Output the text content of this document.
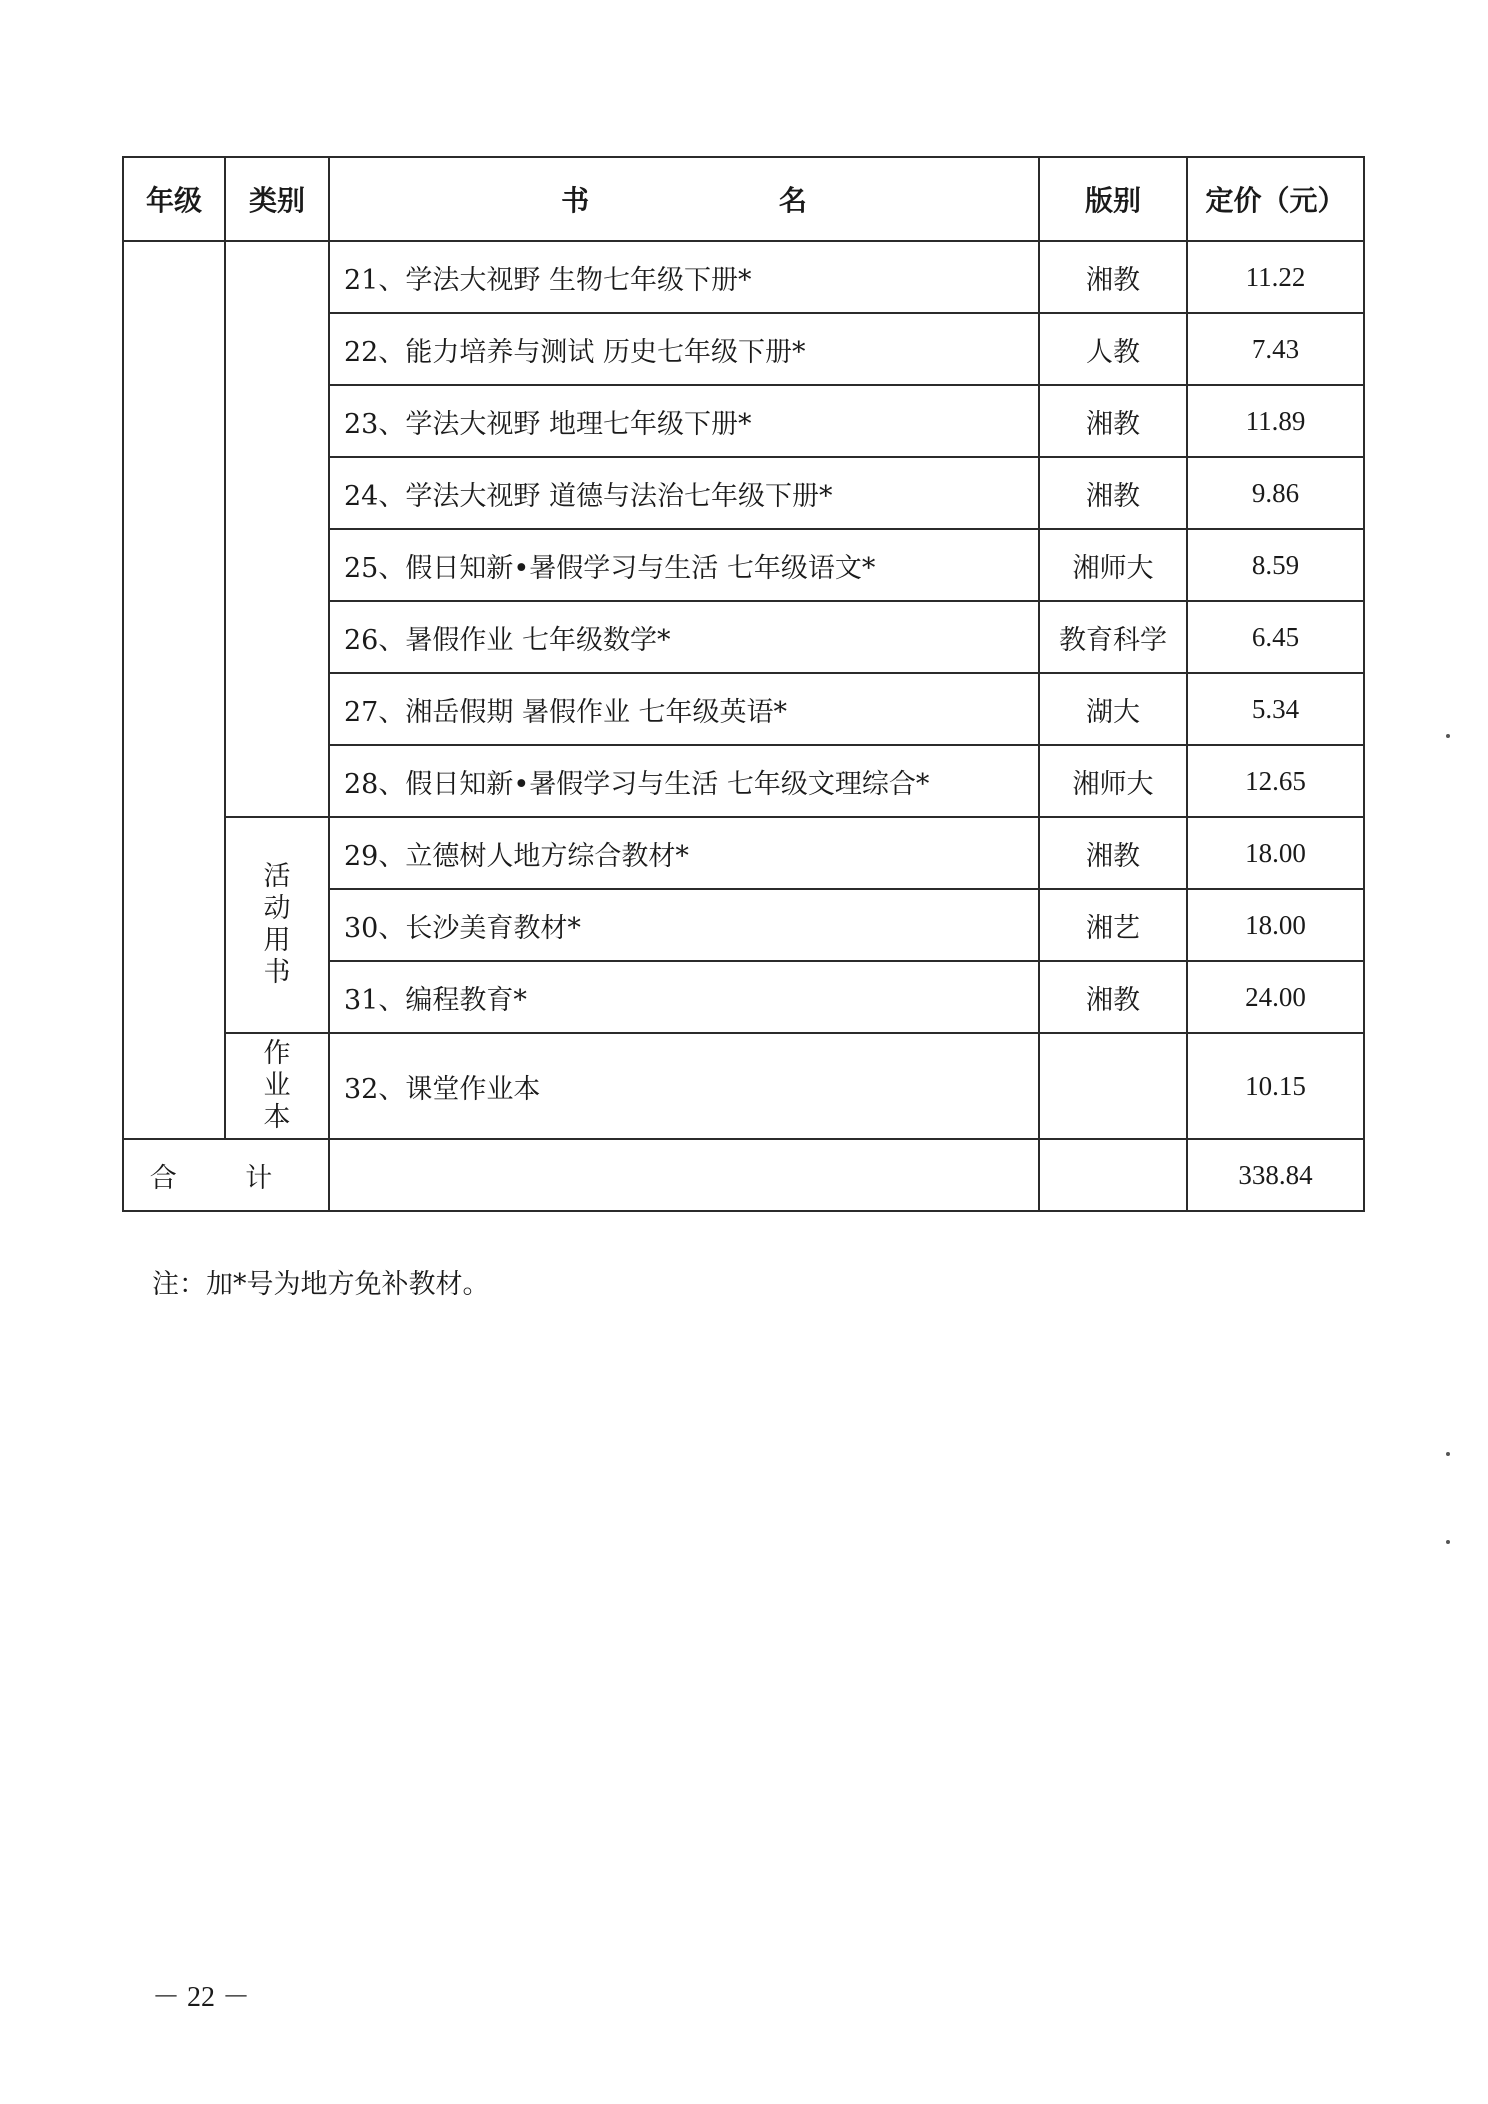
年级	类别	书 名	版别	定价（元）
		21、学法大视野 生物七年级下册*	湘教	11.22
		22、能力培养与测试 历史七年级下册*	人教	7.43
		23、学法大视野 地理七年级下册*	湘教	11.89
		24、学法大视野 道德与法治七年级下册*	湘教	9.86
		25、假日知新•暑假学习与生活 七年级语文*	湘师大	8.59
		26、暑假作业 七年级数学*	教育科学	6.45
		27、湘岳假期 暑假作业 七年级英语*	湖大	5.34
		28、假日知新•暑假学习与生活 七年级文理综合*	湘师大	12.65
	活动用书	29、立德树人地方综合教材*	湘教	18.00
		30、长沙美育教材*	湘艺	18.00
		31、编程教育*	湘教	24.00
	作业本	32、课堂作业本		10.15
合 计				338.84
注：加*号为地方免补教材。
－ 22 －
